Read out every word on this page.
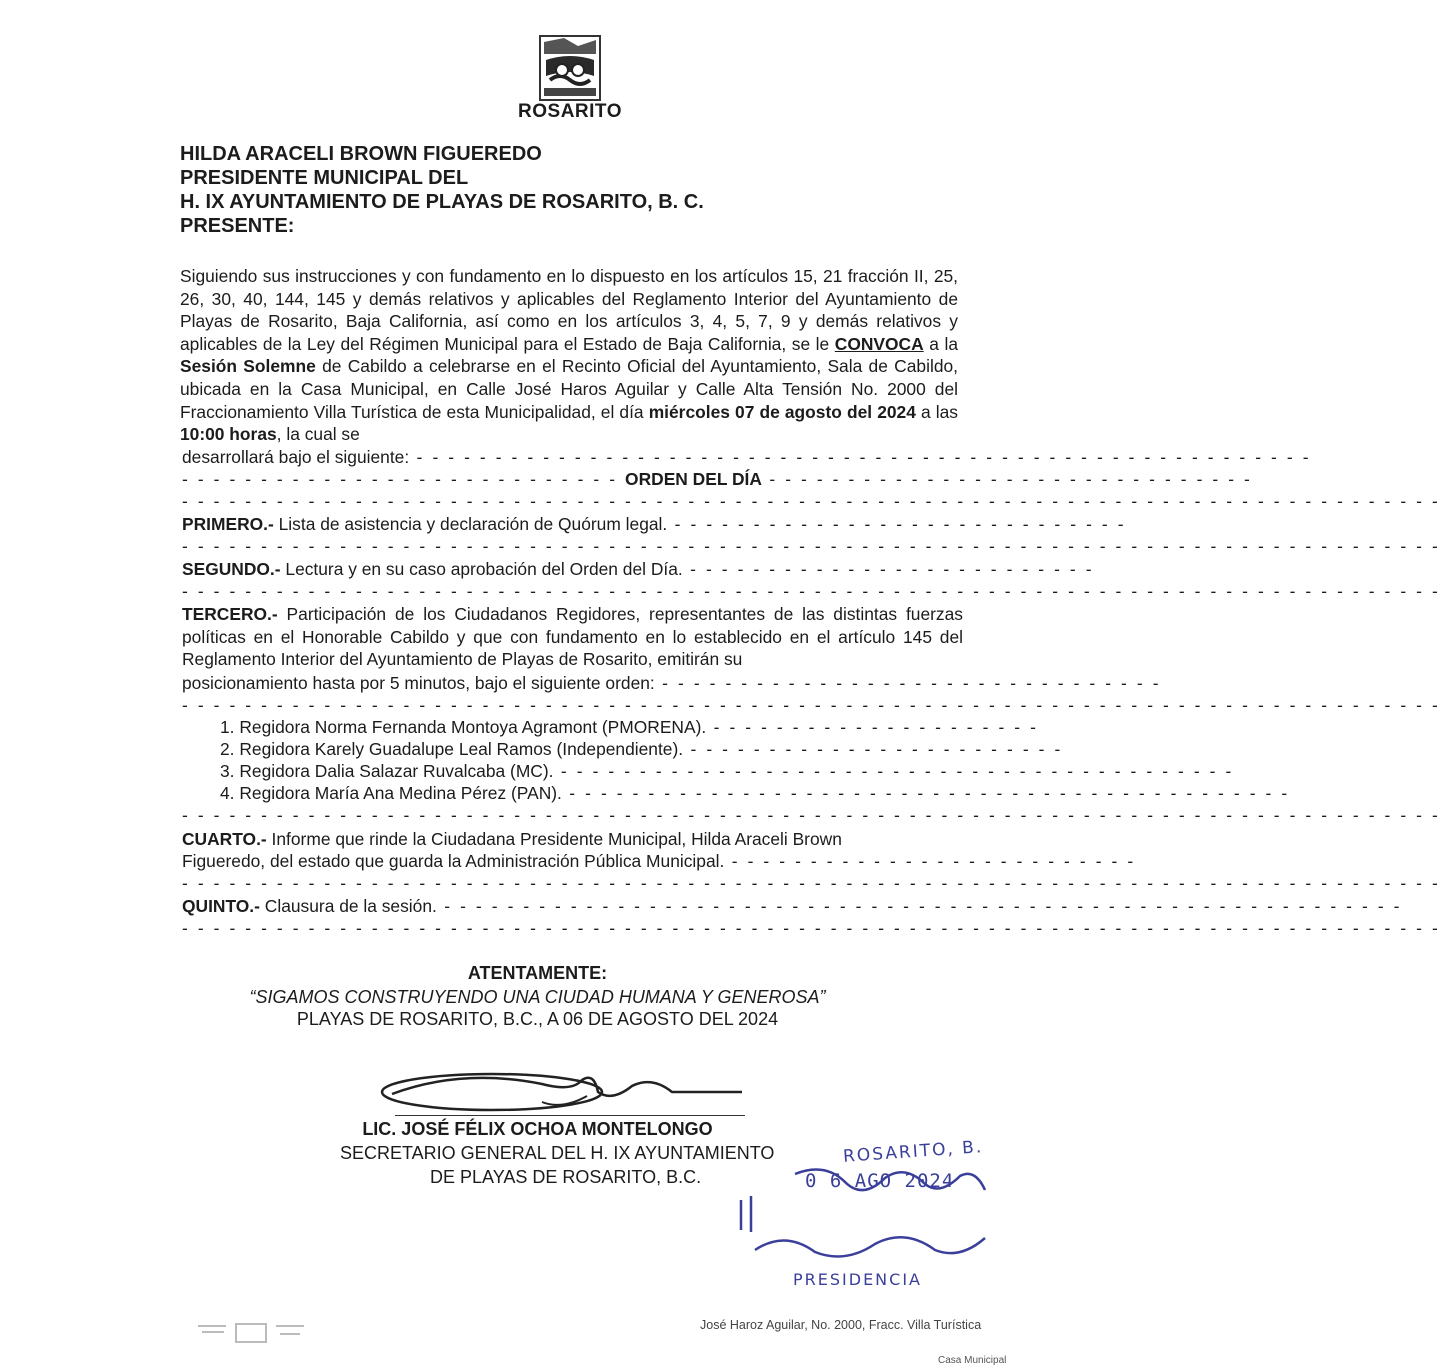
ROSARITO
HILDA ARACELI BROWN FIGUEREDO
PRESIDENTE MUNICIPAL DEL
H. IX AYUNTAMIENTO DE PLAYAS DE ROSARITO, B. C.
PRESENTE:
Siguiendo sus instrucciones y con fundamento en lo dispuesto en los artículos 15, 21 fracción II, 25, 26, 30, 40, 144, 145 y demás relativos y aplicables del Reglamento Interior del Ayuntamiento de Playas de Rosarito, Baja California, así como en los artículos 3, 4, 5, 7, 9 y demás relativos y aplicables de la Ley del Régimen Municipal para el Estado de Baja California, se le CONVOCA a la Sesión Solemne de Cabildo a celebrarse en el Recinto Oficial del Ayuntamiento, Sala de Cabildo, ubicada en la Casa Municipal, en Calle José Haros Aguilar y Calle Alta Tensión No. 2000 del Fraccionamiento Villa Turística de esta Municipalidad, el día miércoles 07 de agosto del 2024 a las 10:00 horas, la cual se
desarrollará bajo el siguiente: - - - - - - - - - - - - - - - - - - - - - - - - - - - - - - - - - - - - - - - - - - - - - - - - - - - - - - - - -
- - - - - - - - - - - - - - - - - - - - - - - - - - - - ORDEN DEL DÍA - - - - - - - - - - - - - - - - - - - - - - - - - - - - - - -
- - - - - - - - - - - - - - - - - - - - - - - - - - - - - - - - - - - - - - - - - - - - - - - - - - - - - - - - - - - - - - - - - - - - - - - - - - - - - - - -
PRIMERO.- Lista de asistencia y declaración de Quórum legal. - - - - - - - - - - - - - - - - - - - - - - - - - - - - -
- - - - - - - - - - - - - - - - - - - - - - - - - - - - - - - - - - - - - - - - - - - - - - - - - - - - - - - - - - - - - - - - - - - - - - - - - - - - - - - -
SEGUNDO.- Lectura y en su caso aprobación del Orden del Día. - - - - - - - - - - - - - - - - - - - - - - - - - -
- - - - - - - - - - - - - - - - - - - - - - - - - - - - - - - - - - - - - - - - - - - - - - - - - - - - - - - - - - - - - - - - - - - - - - - - - - - - - - - -
TERCERO.- Participación de los Ciudadanos Regidores, representantes de las distintas fuerzas políticas en el Honorable Cabildo y que con fundamento en lo establecido en el artículo 145 del Reglamento Interior del Ayuntamiento de Playas de Rosarito, emitirán su
posicionamiento hasta por 5 minutos, bajo el siguiente orden: - - - - - - - - - - - - - - - - - - - - - - - - - - - - - - - -
- - - - - - - - - - - - - - - - - - - - - - - - - - - - - - - - - - - - - - - - - - - - - - - - - - - - - - - - - - - - - - - - - - - - - - - - - - - - - - - -
1. Regidora Norma Fernanda Montoya Agramont (PMORENA). - - - - - - - - - - - - - - - - - - - - -
2. Regidora Karely Guadalupe Leal Ramos (Independiente). - - - - - - - - - - - - - - - - - - - - - - - -
3. Regidora Dalia Salazar Ruvalcaba (MC). - - - - - - - - - - - - - - - - - - - - - - - - - - - - - - - - - - - - - - - - - - -
4. Regidora María Ana Medina Pérez (PAN). - - - - - - - - - - - - - - - - - - - - - - - - - - - - - - - - - - - - - - - - - - - - - -
- - - - - - - - - - - - - - - - - - - - - - - - - - - - - - - - - - - - - - - - - - - - - - - - - - - - - - - - - - - - - - - - - - - - - - - - - - - - - - - -
CUARTO.- Informe que rinde la Ciudadana Presidente Municipal, Hilda Araceli Brown
Figueredo, del estado que guarda la Administración Pública Municipal. - - - - - - - - - - - - - - - - - - - - - - - - - -
- - - - - - - - - - - - - - - - - - - - - - - - - - - - - - - - - - - - - - - - - - - - - - - - - - - - - - - - - - - - - - - - - - - - - - - - - - - - - - - -
QUINTO.- Clausura de la sesión. - - - - - - - - - - - - - - - - - - - - - - - - - - - - - - - - - - - - - - - - - - - - - - - - - - - - - - - - - - - - -
- - - - - - - - - - - - - - - - - - - - - - - - - - - - - - - - - - - - - - - - - - - - - - - - - - - - - - - - - - - - - - - - - - - - - - - - - - - - - - - -
ATENTAMENTE:
“SIGAMOS CONSTRUYENDO UNA CIUDAD HUMANA Y GENEROSA”
PLAYAS DE ROSARITO, B.C., A 06 DE AGOSTO DEL 2024
LIC. JOSÉ FÉLIX OCHOA MONTELONGO
SECRETARIO GENERAL DEL H. IX AYUNTAMIENTO
DE PLAYAS DE ROSARITO, B.C.
ROSARITO, B.
0 6 AGO 2024
PRESIDENCIA
José Haroz Aguilar, No. 2000, Fracc. Villa Turística
Casa Municipal
